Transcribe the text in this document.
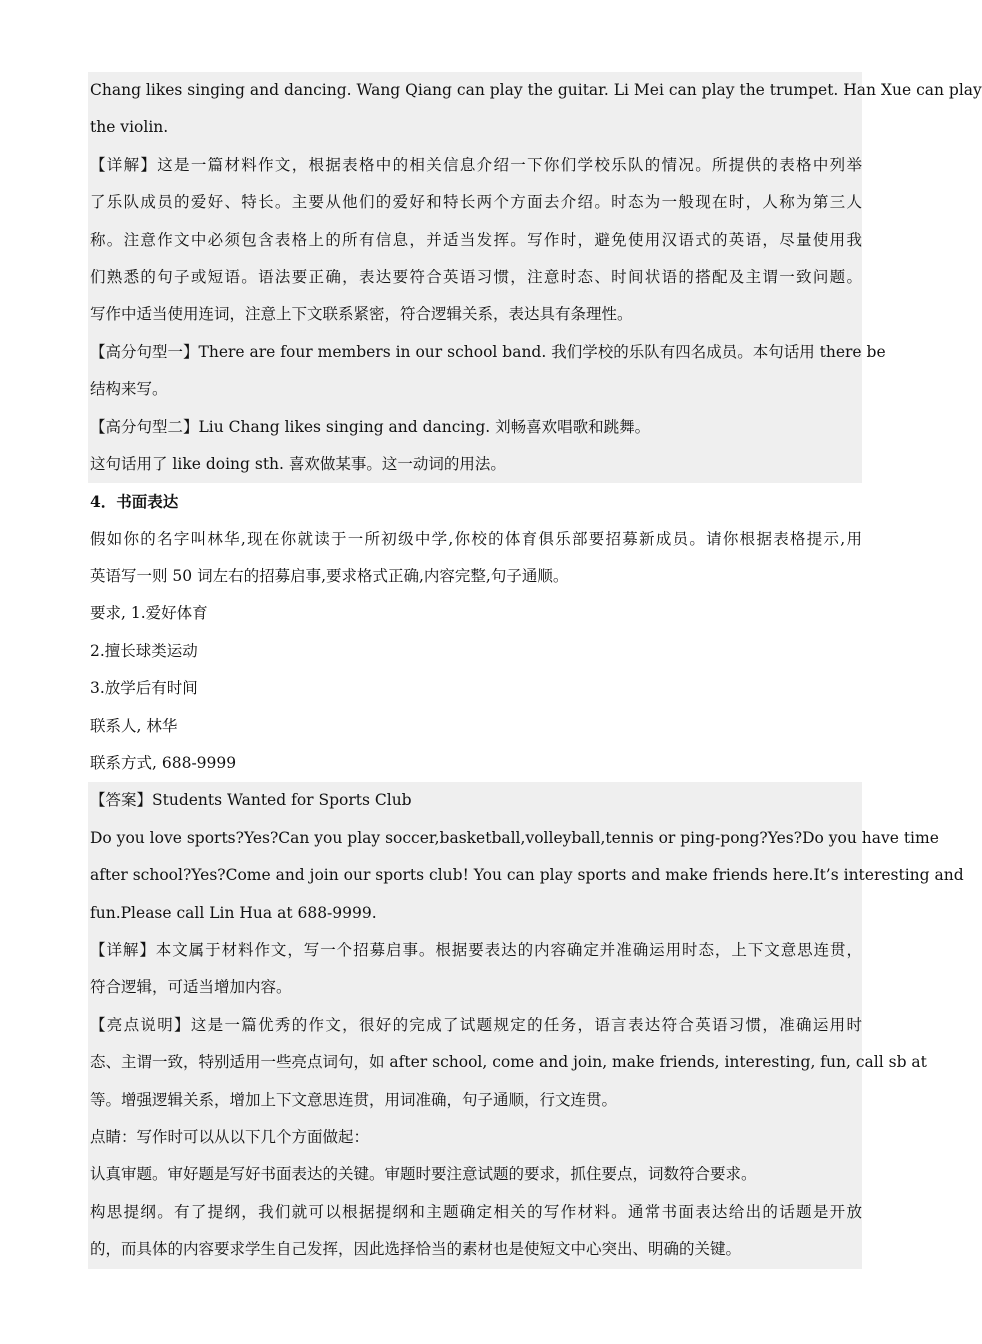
Chang likes singing and dancing. Wang Qiang can play the guitar. Li Mei can play the trumpet. Han Xue can play
the violin.
【详解】这是一篇材料作文，根据表格中的相关信息介绍一下你们学校乐队的情况。所提供的表格中列举
了乐队成员的爱好、特长。主要从他们的爱好和特长两个方面去介绍。时态为一般现在时，人称为第三人
称。注意作文中必须包含表格上的所有信息，并适当发挥。写作时，避免使用汉语式的英语，尽量使用我
们熟悉的句子或短语。语法要正确，表达要符合英语习惯，注意时态、时间状语的搭配及主谓一致问题。
写作中适当使用连词，注意上下文联系紧密，符合逻辑关系，表达具有条理性。
【高分句型一】There are four members in our school band. 我们学校的乐队有四名成员。本句话用 there be
结构来写。
【高分句型二】Liu Chang likes singing and dancing. 刘畅喜欢唱歌和跳舞。
这句话用了 like doing sth. 喜欢做某事。这一动词的用法。
4．书面表达
假如你的名字叫林华,现在你就读于一所初级中学,你校的体育俱乐部要招募新成员。请你根据表格提示,用
英语写一则 50 词左右的招募启事,要求格式正确,内容完整,句子通顺。
要求, 1.爱好体育
2.擅长球类运动
3.放学后有时间
联系人, 林华
联系方式, 688-9999
【答案】Students Wanted for Sports Club
Do you love sports?Yes?Can you play soccer,basketball,volleyball,tennis or ping-pong?Yes?Do you have time
after school?Yes?Come and join our sports club! You can play sports and make friends here.It’s interesting and
fun.Please call Lin Hua at 688-9999.
【详解】本文属于材料作文，写一个招募启事。根据要表达的内容确定并准确运用时态，上下文意思连贯，
符合逻辑，可适当增加内容。
【亮点说明】这是一篇优秀的作文，很好的完成了试题规定的任务，语言表达符合英语习惯，准确运用时
态、主谓一致，特别适用一些亮点词句，如 after school, come and join, make friends, interesting, fun, call sb at
等。增强逻辑关系，增加上下文意思连贯，用词准确，句子通顺，行文连贯。
点睛：写作时可以从以下几个方面做起：
认真审题。审好题是写好书面表达的关键。审题时要注意试题的要求，抓住要点，词数符合要求。
构思提纲。有了提纲，我们就可以根据提纲和主题确定相关的写作材料。通常书面表达给出的话题是开放
的，而具体的内容要求学生自己发挥，因此选择恰当的素材也是使短文中心突出、明确的关键。
